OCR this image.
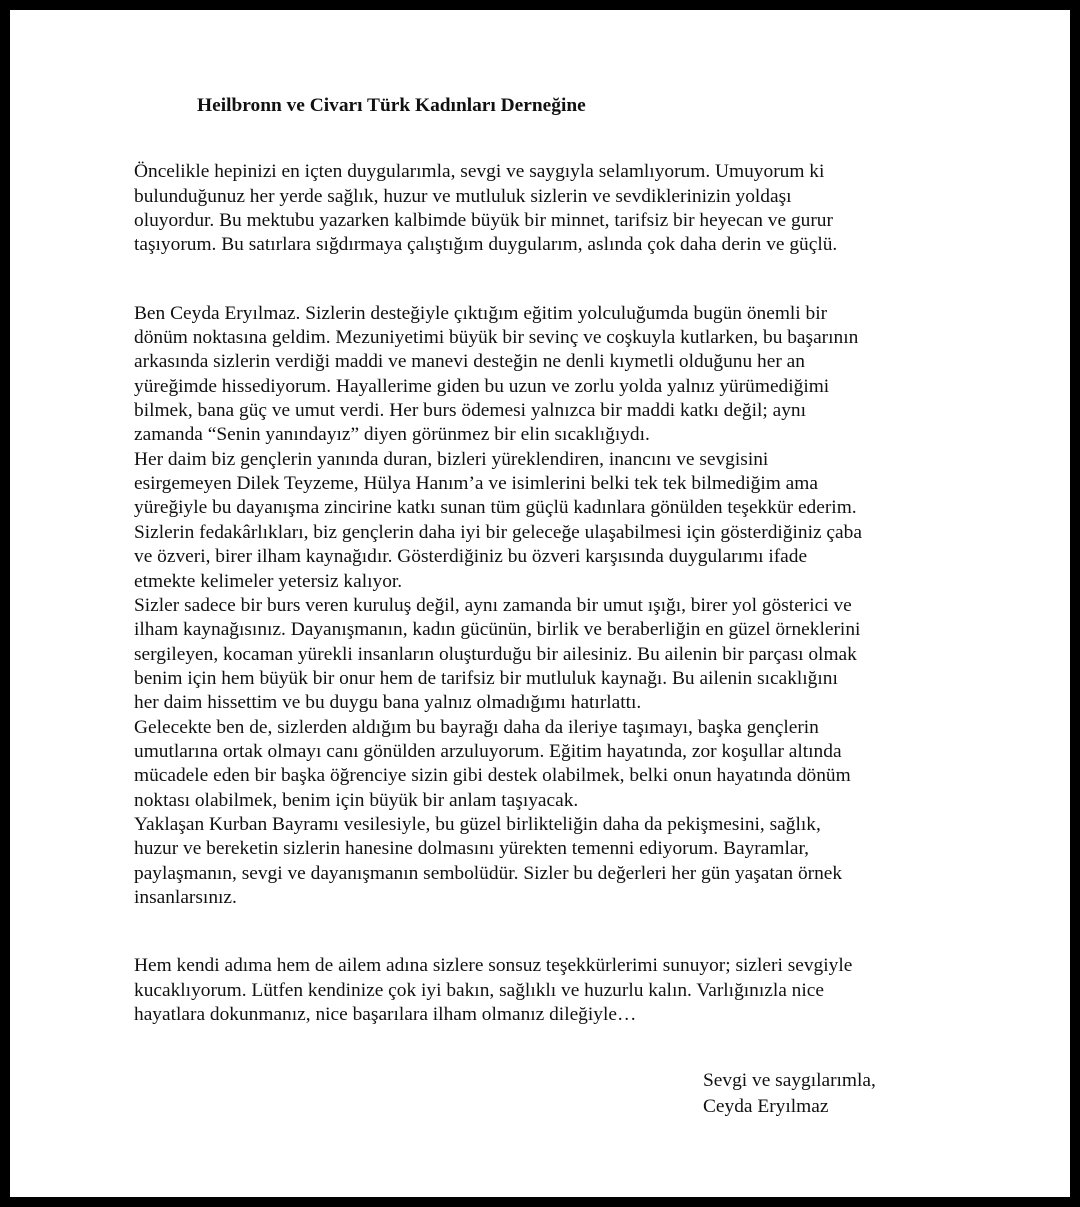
Heilbronn ve Civarı Türk Kadınları Derneğine
Öncelikle hepinizi en içten duygularımla, sevgi ve saygıyla selamlıyorum. Umuyorum ki
bulunduğunuz her yerde sağlık, huzur ve mutluluk sizlerin ve sevdiklerinizin yoldaşı
oluyordur. Bu mektubu yazarken kalbimde büyük bir minnet, tarifsiz bir heyecan ve gurur
taşıyorum. Bu satırlara sığdırmaya çalıştığım duygularım, aslında çok daha derin ve güçlü.
Ben Ceyda Eryılmaz. Sizlerin desteğiyle çıktığım eğitim yolculuğumda bugün önemli bir
dönüm noktasına geldim. Mezuniyetimi büyük bir sevinç ve coşkuyla kutlarken, bu başarının
arkasında sizlerin verdiği maddi ve manevi desteğin ne denli kıymetli olduğunu her an
yüreğimde hissediyorum. Hayallerime giden bu uzun ve zorlu yolda yalnız yürümediğimi
bilmek, bana güç ve umut verdi. Her burs ödemesi yalnızca bir maddi katkı değil; aynı
zamanda “Senin yanındayız” diyen görünmez bir elin sıcaklığıydı.
Her daim biz gençlerin yanında duran, bizleri yüreklendiren, inancını ve sevgisini
esirgemeyen Dilek Teyzeme, Hülya Hanım’a ve isimlerini belki tek tek bilmediğim ama
yüreğiyle bu dayanışma zincirine katkı sunan tüm güçlü kadınlara gönülden teşekkür ederim.
Sizlerin fedakârlıkları, biz gençlerin daha iyi bir geleceğe ulaşabilmesi için gösterdiğiniz çaba
ve özveri, birer ilham kaynağıdır. Gösterdiğiniz bu özveri karşısında duygularımı ifade
etmekte kelimeler yetersiz kalıyor.
Sizler sadece bir burs veren kuruluş değil, aynı zamanda bir umut ışığı, birer yol gösterici ve
ilham kaynağısınız. Dayanışmanın, kadın gücünün, birlik ve beraberliğin en güzel örneklerini
sergileyen, kocaman yürekli insanların oluşturduğu bir ailesiniz. Bu ailenin bir parçası olmak
benim için hem büyük bir onur hem de tarifsiz bir mutluluk kaynağı. Bu ailenin sıcaklığını
her daim hissettim ve bu duygu bana yalnız olmadığımı hatırlattı.
Gelecekte ben de, sizlerden aldığım bu bayrağı daha da ileriye taşımayı, başka gençlerin
umutlarına ortak olmayı canı gönülden arzuluyorum. Eğitim hayatında, zor koşullar altında
mücadele eden bir başka öğrenciye sizin gibi destek olabilmek, belki onun hayatında dönüm
noktası olabilmek, benim için büyük bir anlam taşıyacak.
Yaklaşan Kurban Bayramı vesilesiyle, bu güzel birlikteliğin daha da pekişmesini, sağlık,
huzur ve bereketin sizlerin hanesine dolmasını yürekten temenni ediyorum. Bayramlar,
paylaşmanın, sevgi ve dayanışmanın sembolüdür. Sizler bu değerleri her gün yaşatan örnek
insanlarsınız.
Hem kendi adıma hem de ailem adına sizlere sonsuz teşekkürlerimi sunuyor; sizleri sevgiyle
kucaklıyorum. Lütfen kendinize çok iyi bakın, sağlıklı ve huzurlu kalın. Varlığınızla nice
hayatlara dokunmanız, nice başarılara ilham olmanız dileğiyle…
Sevgi ve saygılarımla,
Ceyda Eryılmaz
